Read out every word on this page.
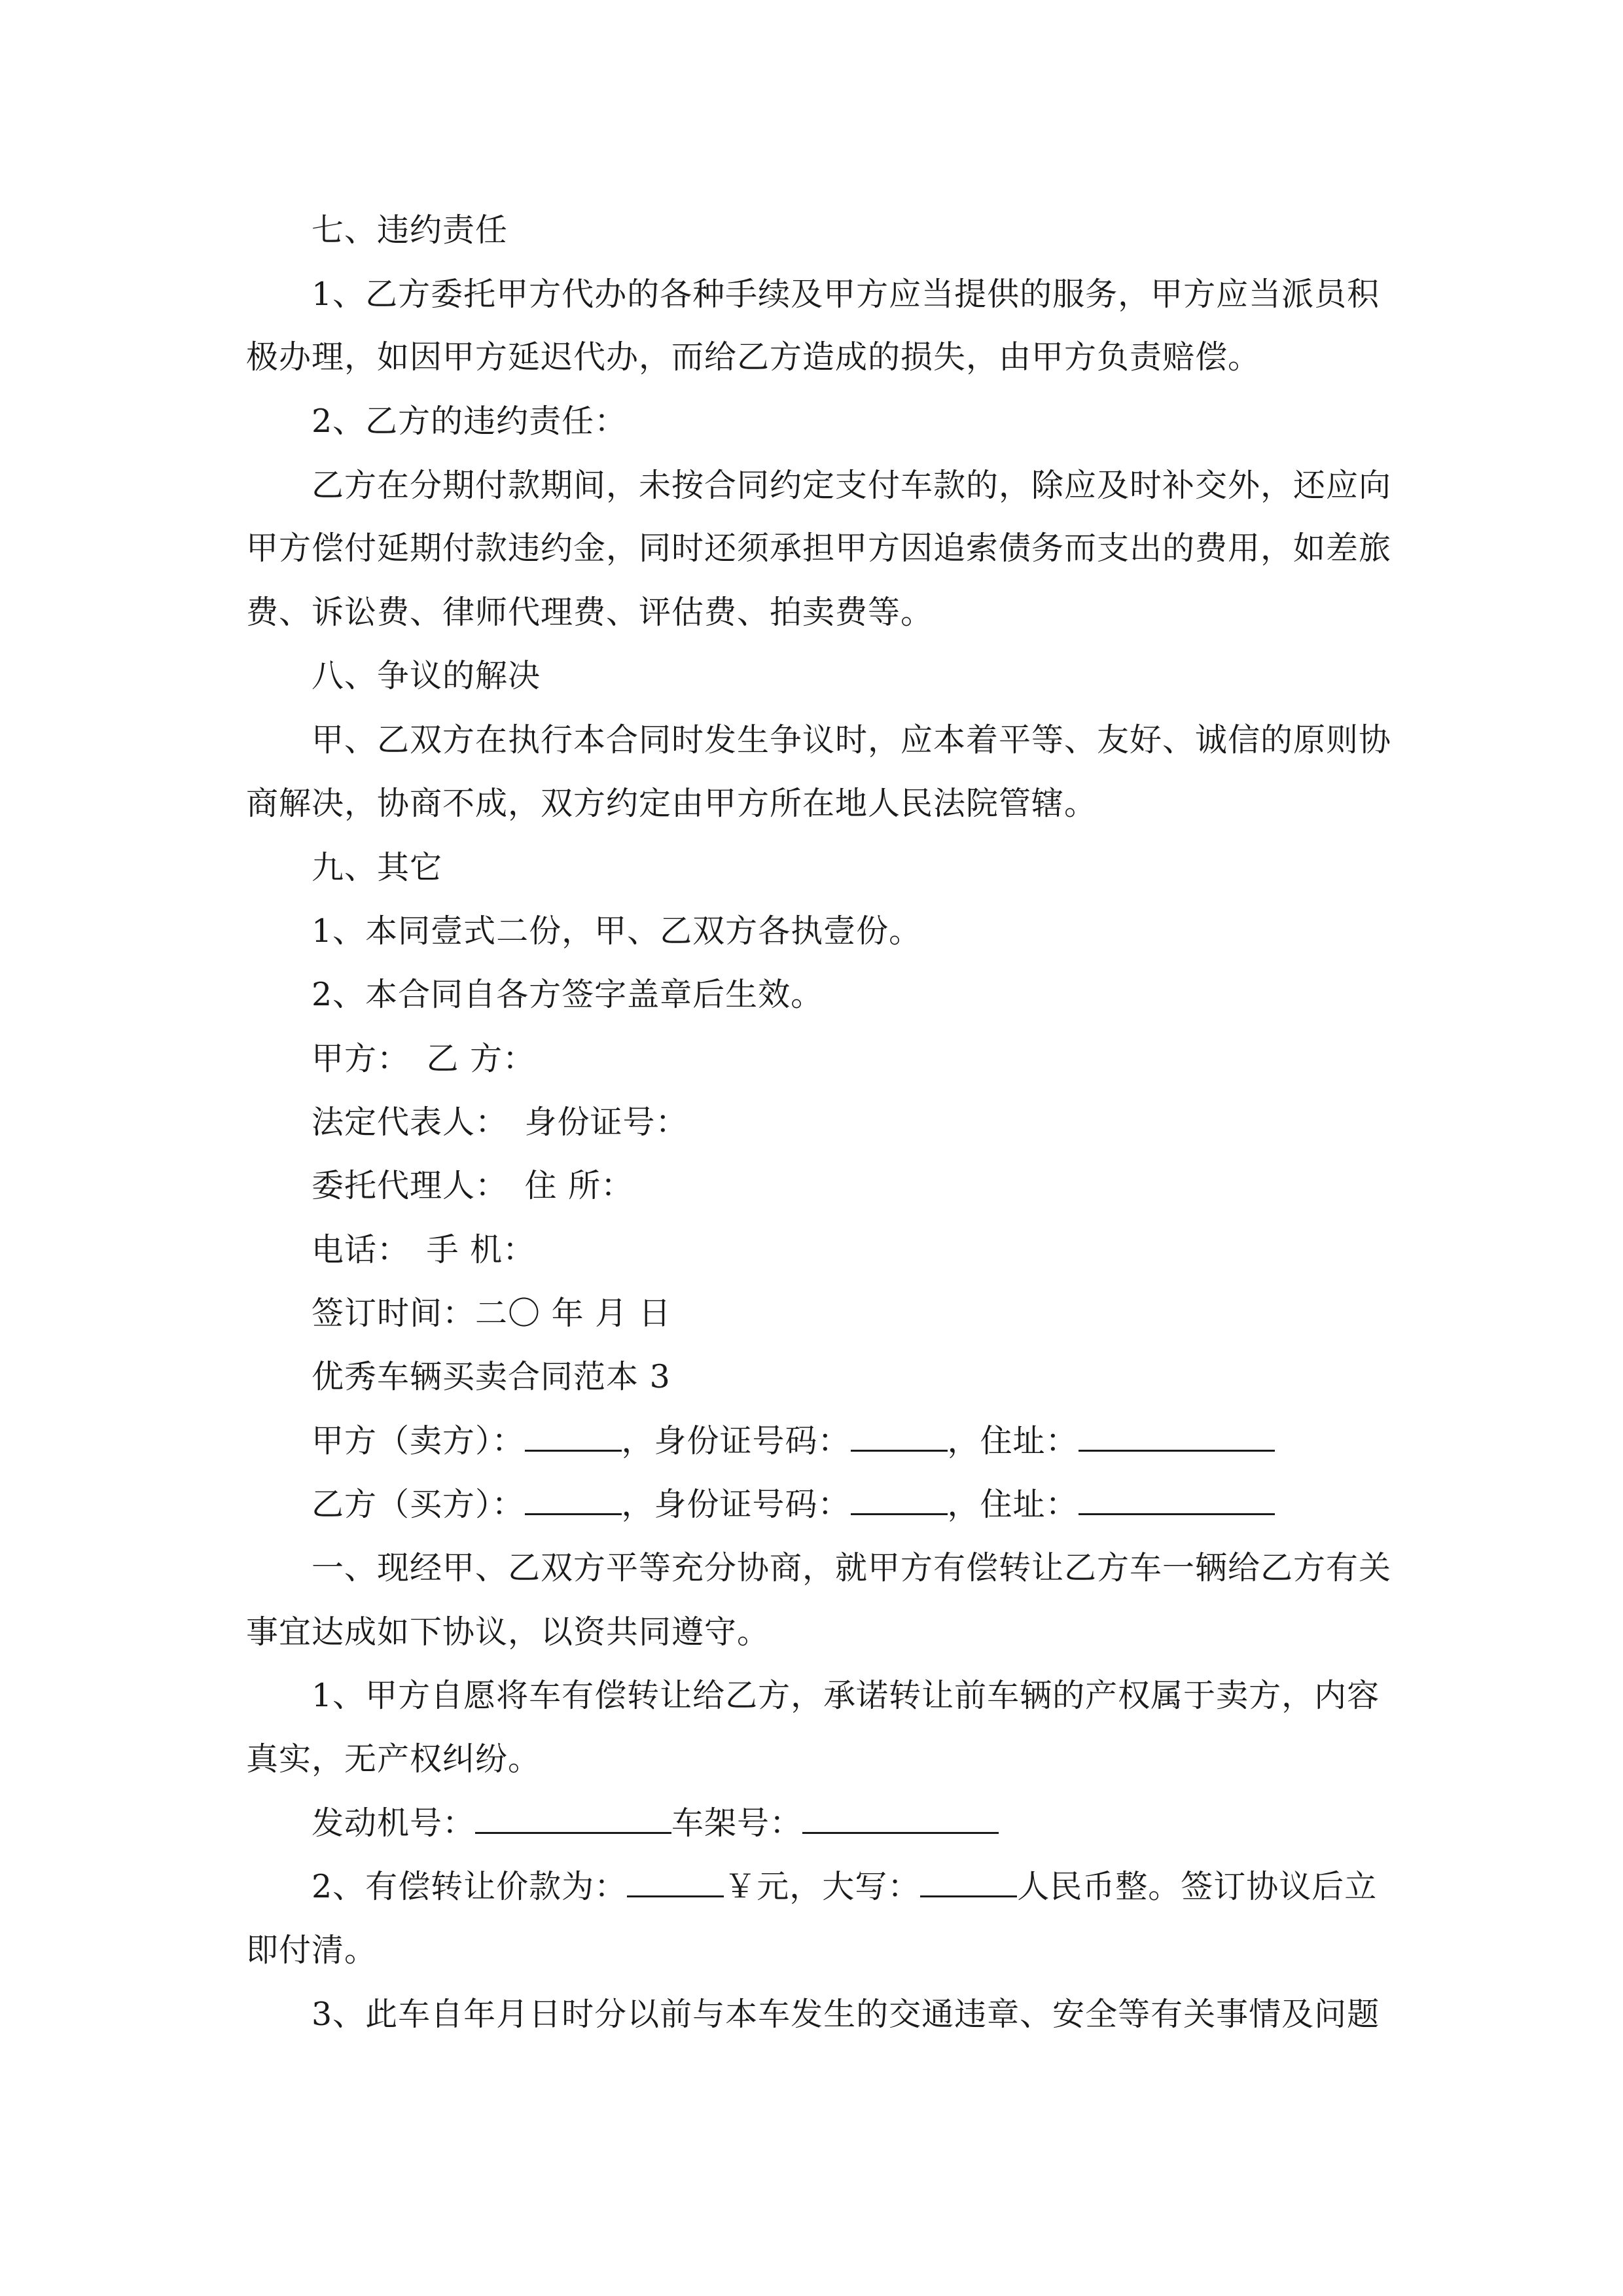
七、违约责任
1、乙方委托甲方代办的各种手续及甲方应当提供的服务，甲方应当派员积
极办理，如因甲方延迟代办，而给乙方造成的损失，由甲方负责赔偿。
2、乙方的违约责任：
乙方在分期付款期间，未按合同约定支付车款的，除应及时补交外，还应向
甲方偿付延期付款违约金，同时还须承担甲方因追索债务而支出的费用，如差旅
费、诉讼费、律师代理费、评估费、拍卖费等。
八、争议的解决
甲、乙双方在执行本合同时发生争议时，应本着平等、友好、诚信的原则协
商解决，协商不成，双方约定由甲方所在地人民法院管辖。
九、其它
1、本同壹式二份，甲、乙双方各执壹份。
2、本合同自各方签字盖章后生效。
甲方：　乙 方：
法定代表人：　身份证号：
委托代理人：　住 所：
电话：　手 机：
签订时间：二〇 年 月 日
优秀车辆买卖合同范本 3
甲方（卖方）：	，身份证号码：	，住址：
乙方（买方）：	，身份证号码：	，住址：
一、现经甲、乙双方平等充分协商，就甲方有偿转让乙方车一辆给乙方有关
事宜达成如下协议，以资共同遵守。
1、甲方自愿将车有偿转让给乙方，承诺转让前车辆的产权属于卖方，内容
真实，无产权纠纷。
发动机号：	车架号：
2、有偿转让价款为：	￥元，大写：	人民币整。签订协议后立
即付清。
3、此车自年月日时分以前与本车发生的交通违章、安全等有关事情及问题
